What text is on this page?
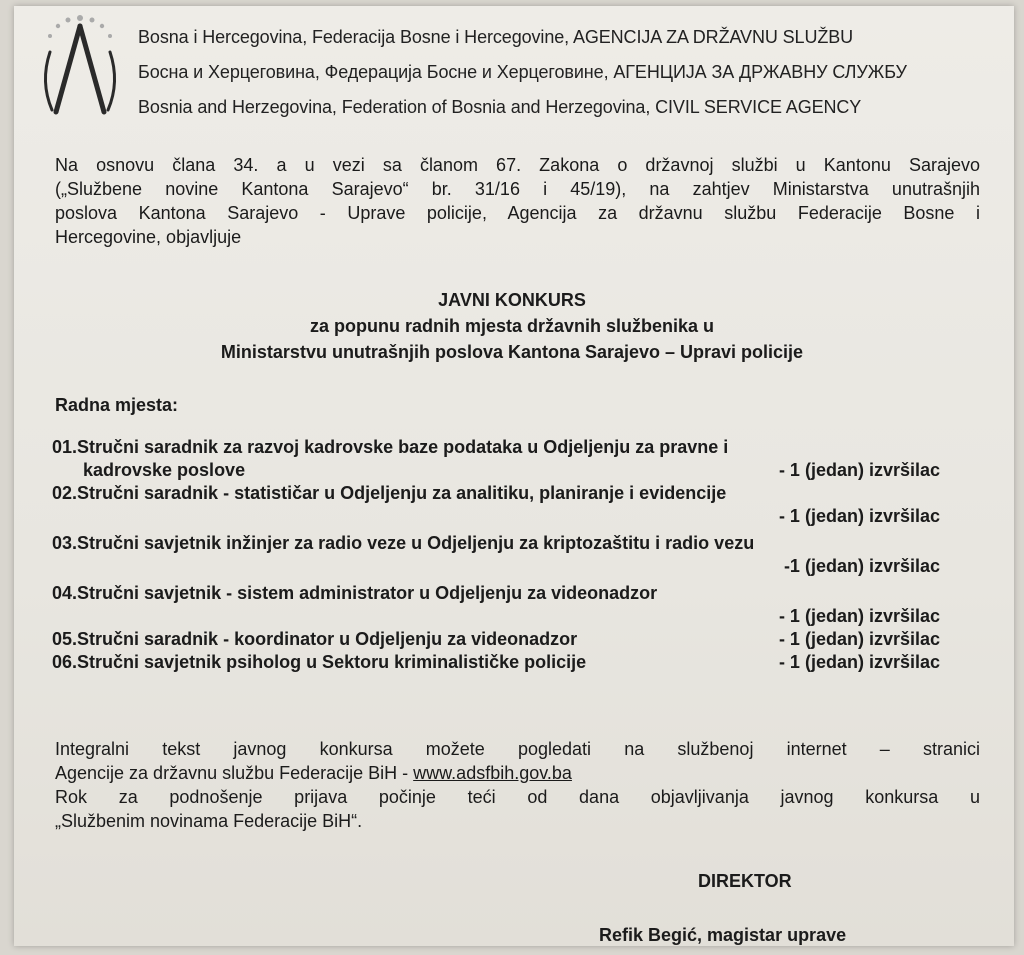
Bosna i Hercegovina, Federacija Bosne i Hercegovine, AGENCIJA ZA DRŽAVNU SLUŽBU
Босна и Херцеговина, Федерација Босне и Херцеговине, АГЕНЦИЈА ЗА ДРЖАВНУ СЛУЖБУ
Bosnia and Herzegovina, Federation of Bosnia and Herzegovina, CIVIL SERVICE AGENCY
Na osnovu člana 34. a u vezi sa članom 67. Zakona o državnoj službi u Kantonu Sarajevo
(„Službene novine Kantona Sarajevo“ br. 31/16 i 45/19), na zahtjev Ministarstva unutrašnjih
poslova Kantona Sarajevo - Uprave policije, Agencija za državnu službu Federacije Bosne i
Hercegovine, objavljuje
JAVNI KONKURS
za popunu radnih mjesta državnih službenika u
Ministarstvu unutrašnjih poslova Kantona Sarajevo – Upravi policije
Radna mjesta:
01.Stručni saradnik za razvoj kadrovske baze podataka u Odjeljenju za pravne i
kadrovske poslove	- 1 (jedan) izvršilac
02.Stručni saradnik - statističar u Odjeljenju za analitiku, planiranje i evidencije
- 1 (jedan) izvršilac
03.Stručni savjetnik inžinjer za radio veze u Odjeljenju za kriptozaštitu i radio vezu
-1 (jedan) izvršilac
04.Stručni savjetnik - sistem administrator u Odjeljenju za videonadzor
- 1 (jedan) izvršilac
05.Stručni saradnik - koordinator u Odjeljenju za videonadzor	- 1 (jedan) izvršilac
06.Stručni savjetnik psiholog u Sektoru kriminalističke policije	- 1 (jedan) izvršilac
Integralni tekst javnog konkursa možete pogledati na službenoj internet – stranici
Agencije za državnu službu Federacije BiH - www.adsfbih.gov.ba
Rok za podnošenje prijava počinje teći od dana objavljivanja javnog konkursa u
„Službenim novinama Federacije BiH“.
DIREKTOR
Refik Begić, magistar uprave
